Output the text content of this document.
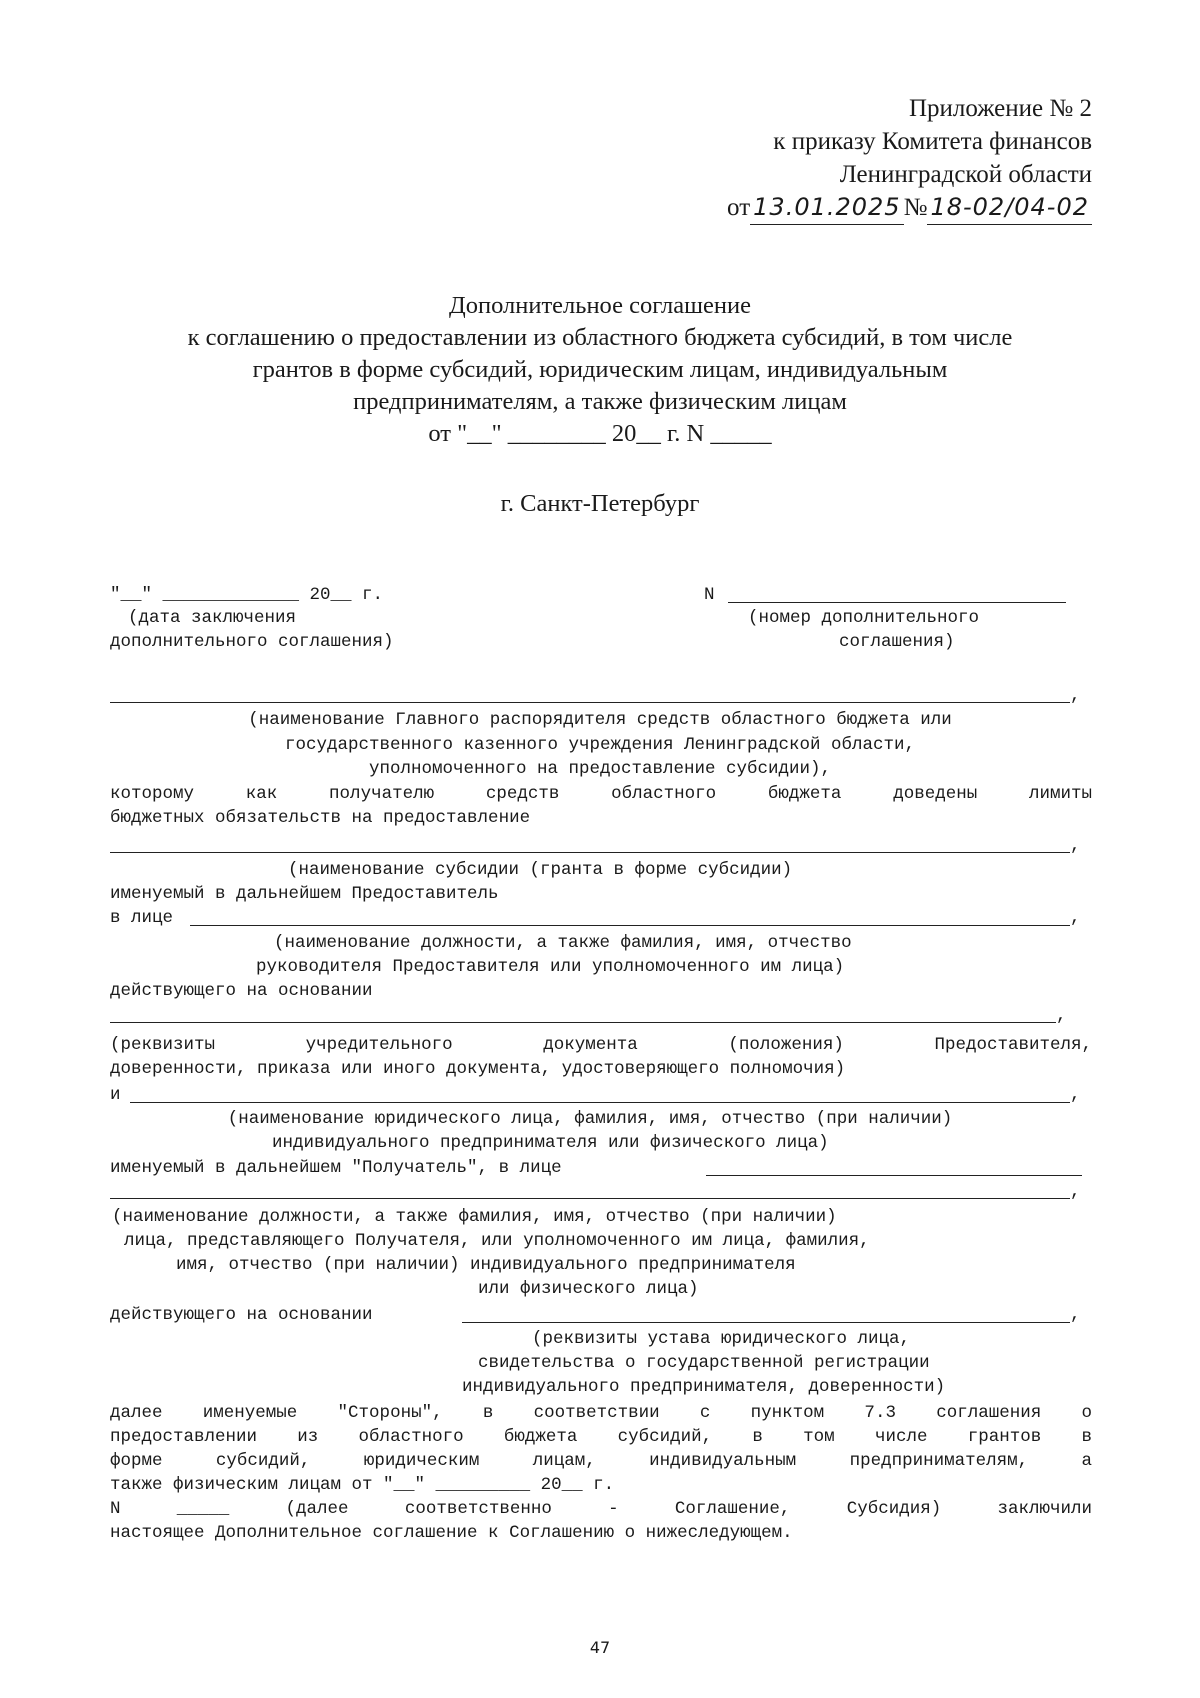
Приложение № 2
к приказу Комитета финансов
Ленинградской области
от 13.01.2025 № 18-02/04-02
Дополнительное соглашение
к соглашению о предоставлении из областного бюджета субсидий, в том числе
грантов в форме субсидий, юридическим лицам, индивидуальным
предпринимателям, а также физическим лицам
от "__" ________ 20__ г. N _____
г. Санкт-Петербург
"__" _____________ 20__ г.	N
(дата заключения
дополнительного соглашения)
(номер дополнительного
соглашения)
,
(наименование Главного распорядителя средств областного бюджета или
государственного казенного учреждения Ленинградской области,
уполномоченного на предоставление субсидии),
которому как получателю средств областного бюджета доведены лимиты
бюджетных обязательств на предоставление
,
(наименование субсидии (гранта в форме субсидии)
именуемый в дальнейшем Предоставитель
в лице	,
(наименование должности, а также фамилия, имя, отчество
руководителя Предоставителя или уполномоченного им лица)
действующего на основании
,
(реквизиты учредительного документа (положения) Предоставителя,
доверенности, приказа или иного документа, удостоверяющего полномочия)
и	,
(наименование юридического лица, фамилия, имя, отчество (при наличии)
индивидуального предпринимателя или физического лица)
именуемый в дальнейшем "Получатель", в лице
,
(наименование должности, а также фамилия, имя, отчество (при наличии)
лица, представляющего Получателя, или уполномоченного им лица, фамилия,
имя, отчество (при наличии) индивидуального предпринимателя
или физического лица)
действующего на основании	,
(реквизиты устава юридического лица,
свидетельства о государственной регистрации
индивидуального предпринимателя, доверенности)
далее именуемые "Стороны", в соответствии с пунктом 7.3 соглашения о
предоставлении из областного бюджета субсидий, в том числе грантов в
форме субсидий, юридическим лицам, индивидуальным предпринимателям, а
также физическим лицам от "__" _________ 20__ г.
N _____ (далее соответственно - Соглашение, Субсидия) заключили
настоящее Дополнительное соглашение к Соглашению о нижеследующем.
47
